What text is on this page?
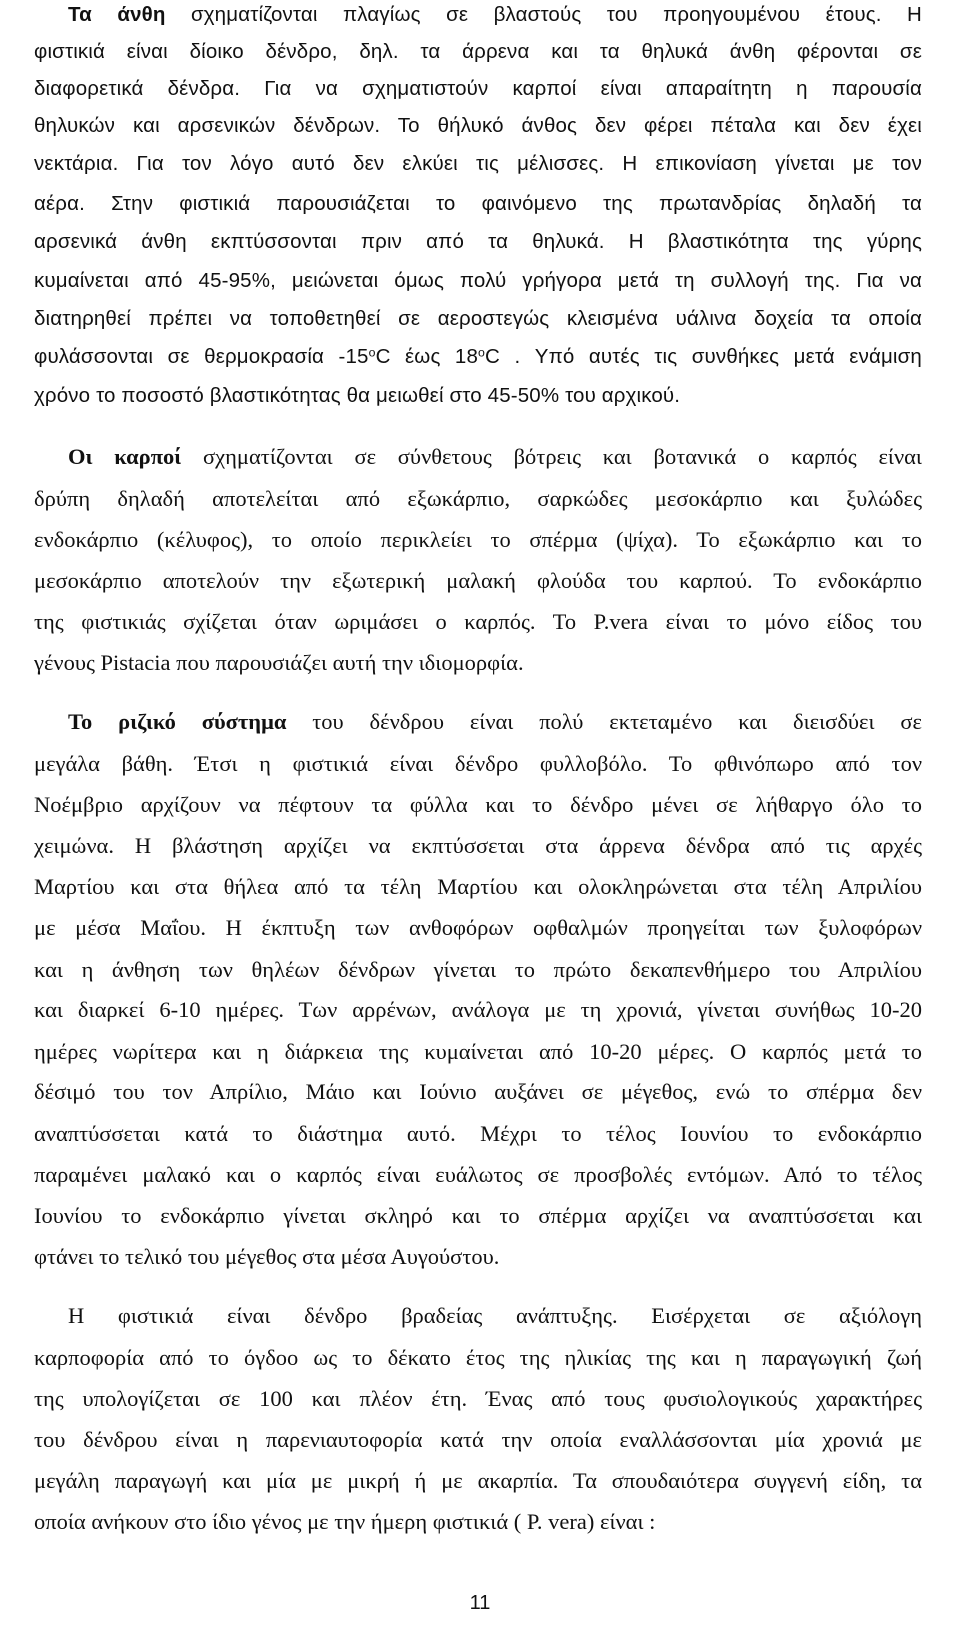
Τα άνθη σχηματίζονται πλαγίως σε βλαστούς του προηγουμένου έτους. Η
φιστικιά είναι δίοικο δένδρο, δηλ. τα άρρενα και τα θηλυκά άνθη φέρονται σε
διαφορετικά δένδρα. Για να σχηματιστούν καρποί είναι απαραίτητη η παρουσία
θηλυκών και αρσενικών δένδρων. Το θήλυκό άνθος δεν φέρει πέταλα και δεν έχει
νεκτάρια. Για τον λόγο αυτό δεν ελκύει τις μέλισσες. Η επικονίαση γίνεται με τον
αέρα. Στην φιστικιά παρουσιάζεται το φαινόμενο της πρωτανδρίας δηλαδή τα
αρσενικά άνθη εκπτύσσονται πριν από τα θηλυκά. Η βλαστικότητα της γύρης
κυμαίνεται από 45-95%, μειώνεται όμως πολύ γρήγορα μετά τη συλλογή της. Για να
διατηρηθεί πρέπει να τοποθετηθεί σε αεροστεγώς κλεισμένα υάλινα δοχεία τα οποία
φυλάσσονται σε θερμοκρασία $-15^oC$ έως $18^oC$ . Υπό αυτές τις συνθήκες μετά ενάμιση
χρόνο το ποσοστό βλαστικότητας θα μειωθεί στο 45-50% του αρχικού.
Οι καρποί σχηματίζονται σε σύνθετους βότρεις και βοτανικά ο καρπός είναι
δρύπη δηλαδή αποτελείται από εξωκάρπιο, σαρκώδες μεσοκάρπιο και ξυλώδες
ενδοκάρπιο (κέλυφος), το οποίο περικλείει το σπέρμα (ψίχα). Το εξωκάρπιο και το
μεσοκάρπιο αποτελούν την εξωτερική μαλακή φλούδα του καρπού. Το ενδοκάρπιο
της φιστικιάς σχίζεται όταν ωριμάσει ο καρπός. Το P.vera είναι το μόνο είδος του
γένους Pistacia που παρουσιάζει αυτή την ιδιομορφία.
Το ριζικό σύστημα του δένδρου είναι πολύ εκτεταμένο και διεισδύει σε
μεγάλα βάθη. Έτσι η φιστικιά είναι δένδρο φυλλοβόλο. Το φθινόπωρο από τον
Νοέμβριο αρχίζουν να πέφτουν τα φύλλα και το δένδρο μένει σε λήθαργο όλο το
χειμώνα. Η βλάστηση αρχίζει να εκπτύσσεται στα άρρενα δένδρα από τις αρχές
Μαρτίου και στα θήλεα από τα τέλη Μαρτίου και ολοκληρώνεται στα τέλη Απριλίου
με μέσα Μαΐου. Η έκπτυξη των ανθοφόρων οφθαλμών προηγείται των ξυλοφόρων
και η άνθηση των θηλέων δένδρων γίνεται το πρώτο δεκαπενθήμερο του Απριλίου
και διαρκεί 6-10 ημέρες. Των αρρένων, ανάλογα με τη χρονιά, γίνεται συνήθως 10-20
ημέρες νωρίτερα και η διάρκεια της κυμαίνεται από 10-20 μέρες. Ο καρπός μετά το
δέσιμό του τον Απρίλιο, Μάιο και Ιούνιο αυξάνει σε μέγεθος, ενώ το σπέρμα δεν
αναπτύσσεται κατά το διάστημα αυτό. Μέχρι το τέλος Ιουνίου το ενδοκάρπιο
παραμένει μαλακό και ο καρπός είναι ευάλωτος σε προσβολές εντόμων. Από το τέλος
Ιουνίου το ενδοκάρπιο γίνεται σκληρό και το σπέρμα αρχίζει να αναπτύσσεται και
φτάνει το τελικό του μέγεθος στα μέσα Αυγούστου.
Η φιστικιά είναι δένδρο βραδείας ανάπτυξης. Εισέρχεται σε αξιόλογη
καρποφορία από το όγδοο ως το δέκατο έτος της ηλικίας της και η παραγωγική ζωή
της υπολογίζεται σε 100 και πλέον έτη. Ένας από τους φυσιολογικούς χαρακτήρες
του δένδρου είναι η παρενιαυτοφορία κατά την οποία εναλλάσσονται μία χρονιά με
μεγάλη παραγωγή και μία με μικρή ή με ακαρπία. Τα σπουδαιότερα συγγενή είδη, τα
οποία ανήκουν στο ίδιο γένος με την ήμερη φιστικιά ( P. vera) είναι :
11
